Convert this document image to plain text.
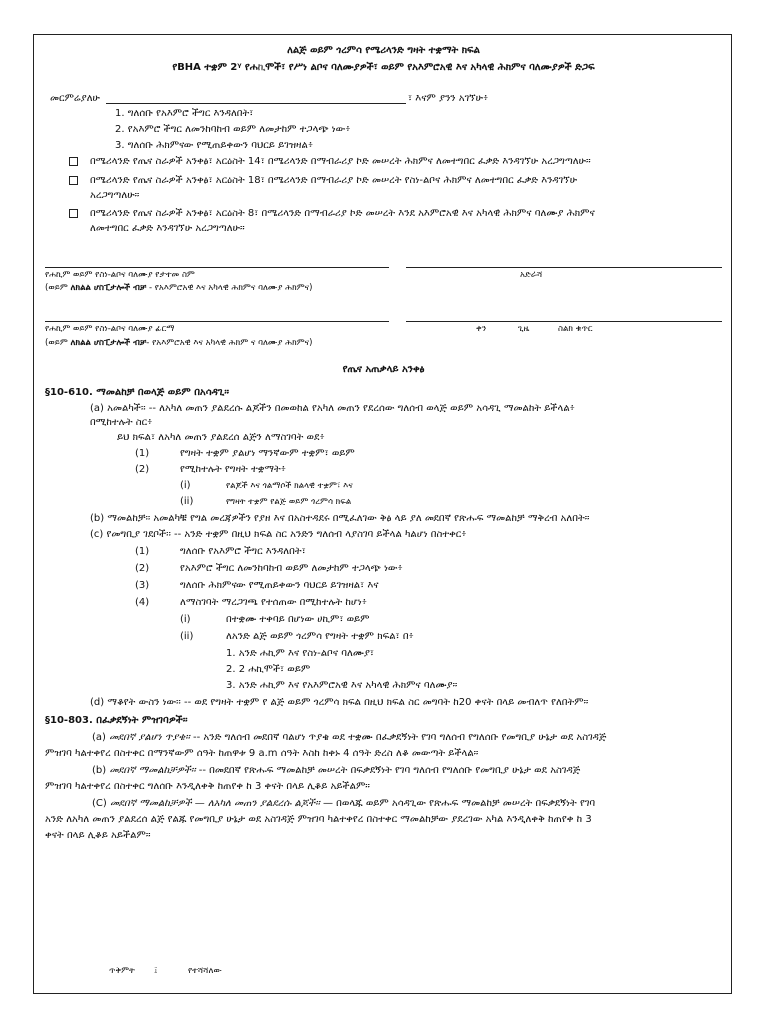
ለልጅ ወይም ጎረምሳ የሜሪላንድ ግዛት ተቋማት ክፍል
የBHA ተቋም 2ᵞ የሐኪሞች፣ የሥነ ልቦና ባለሙያዎች፣ ወይም የአእምሮአዊ እና አካላዊ ሕክምና ባለሙያዎች ድጋፍ
መርምሬያለሁ	፣ እናም ያንን አገኘሁ፥
1. ግለሰቡ የአእምሮ ችግር እንዳለበት፣
2. የአእምሮ ችግር ለመንከባከብ ወይም ለመታከም ተጋላጭ ነው፥
3. ግለሰቡ ሕክምናው የሚጠይቀውን ባህርይ ይገዝዛል፥
በሜሪላንድ የጤና ስራዎች አንቀፅ፣ አርዕስት 14፣ በሜሪላንድ በማብራሪያ ኮድ መሠረት ሕክምና ለመተግበር ፈቃድ እንዳገኘሁ አረጋግጣለሁ።
በሜሪላንድ የጤና ስራዎች አንቀፅ፣ አርዕስት 18፣ በሜሪላንድ በማብራሪያ ኮድ መሠረት የስነ-ልቦና ሕክምና ለመተግበር ፈቃድ እንዳገኘሁ
አረጋግጣለሁ።
በሜሪላንድ የጤና ስራዎች አንቀፅ፣ አርዕስት 8፣ በሜሪላንድ በማብራሪያ ኮድ መሠረት እንደ አእምሮአዊ እና አካላዊ ሕክምና ባለሙያ ሕክምና
ለመተግበር ፈቃድ እንዳገኘሁ አረጋግጣለሁ።
የሐኪም ወይም የስነ-ልቦና ባለሙያ የታተመ ስም	አድራሻ
(ወይም ለክልል ሆስፒታሎች ብቻ - የአእምሮአዊ እና አካላዊ ሕክምና ባለሙያ ሕክምና)
የሐኪም ወይም የስነ-ልቦና ባለሙያ ፊርማ	ቀን	ጊዜ	ስልክ ቁጥር
(ወይም ለክልል ሆስፒታሎች ብቻ- የአእምሮአዊ እና አካላዊ ሕክም ና ባለሙያ ሕክምና)
የጤና አጠቃላይ አንቀፅ
§10-610. ማመልከቻ በወላጅ ወይም በአሳዳጊ።
(a) አመልካች፡፡ -- ለአካለ መጠን ያልደረሱ ልጆችን በመወከል የአካለ መጠን የደረሰው ግለሰብ ወላጅ ወይም አሳዳጊ ማመልከት ይችላል፥
በሚከተሉት ስር፥
ይህ ክፍል፣ ለአካለ መጠን ያልደረሰ ልጅን ለማስገባት ወደ፥
(1)	የግዛት ተቋም ያልሆነ ማንኛውም ተቋም፣ ወይም
(2)	የሚከተሉት የግዛት ተቋማት፥
(i)	የልጆች እና ጎልማሶች ክልላዊ ተቋም፣ እና
(ii)	የግዛት ተቋም የልጅ ወይም ጎረምሳ ክፍል
(b) ማመልከቻ፡፡ አመልካቹ የግል መረጃዎችን የያዘ እና በአስተዳደሩ በሚፈለገው ቅፅ ላይ ያለ መደበኛ የጽሑፍ ማመልከቻ ማቅረብ አለበት።
(c) የመግቢያ ገደቦች፡፡ -- አንድ ተቋም በዚህ ክፍል ስር አንድን ግለሰብ ላያስገባ ይችላል ካልሆነ በስተቀር፥
(1)	ግለሰቡ የአእምሮ ችግር እንዳለበት፣
(2)	የአእምሮ ችግር ለመንከባከብ ወይም ለመታከም ተጋላጭ ነው፥
(3)	ግለሰቡ ሕክምናው የሚጠይቀውን ባህርይ ይገዝዛል፣ እና
(4)	ለማስገባት ማረጋገጫ የተሰጠው በሚከተሉት ከሆነ፥
(i)	በተቋሙ ተቀባይ በሆነው ሀኪም፣ ወይም
(ii)	ለአንድ ልጅ ወይም ጎረምሳ የግዛት ተቋም ክፍል፣ በ፥
1. አንድ ሐኪም እና የስነ-ልቦና ባለሙያ፣
2. 2 ሐኪሞች፣ ወይም
3. አንድ ሐኪም እና የአእምሮአዊ እና አካላዊ ሕክምና ባለሙያ።
(d) ማቆየት ውስን ነው፡፡ -- ወደ የግዛት ተቋም የ ልጅ ወይም ጎረምሳ ክፍል በዚህ ክፍል ስር መግባት ከ20 ቀናት በላይ መብለጥ የለበትም።
§10-803. በፈቃደኝነት ምዝገባዎች።
(a) መደበኛ ያልሆነ ጥያቄ፡፡ -- አንድ ግለሰብ መደበኛ ባልሆነ ጥያቄ ወደ ተቋሙ በፈቃደኝነት የገባ ግለሰብ የግለሰቡ የመግቢያ ሁኔታ ወደ አስገዳጅ
ምዝገባ ካልተቀየረ በስተቀር በማንኛውም ሰዓት ከጠዋቱ 9 a.m ሰዓት እስከ ከቀኑ 4 ሰዓት ድረስ ለቆ መውጣት ይችላል።
(b) መደበኛ ማመልከቻዎች፡፡ -- በመደበኛ የጽሑፍ ማመልከቻ መሠረት በፍቃደኝነት የገባ ግለሰብ የግለሰቡ የመግቢያ ሁኔታ ወደ አስገዳጅ
ምዝገባ ካልተቀየረ በስተቀር ግለሰቡ እንዲለቀቅ ከጠየቀ ከ 3 ቀናት በላይ ሊቆይ አይችልም።
(C) መደበኛ ማመልከቻዎች — ለአካለ መጠን ያልደረሱ ልጆች፡፡ — በወላጁ ወይም አሳዳጊው የጽሑፍ ማመልከቻ መሠረት በፍቃደኝነት የገባ
አንድ ለአካለ መጠን ያልደረሰ ልጅ የልጁ የመግቢያ ሁኔታ ወደ አስገዳጅ ምዝገባ ካልተቀየረ በስተቀር ማመልከቻው ያደረገው አካል እንዲለቀቅ ከጠየቀ ከ 3
ቀናት በላይ ሊቆይ አይችልም።
ጥቅምት ፤	የተሻሻለው
